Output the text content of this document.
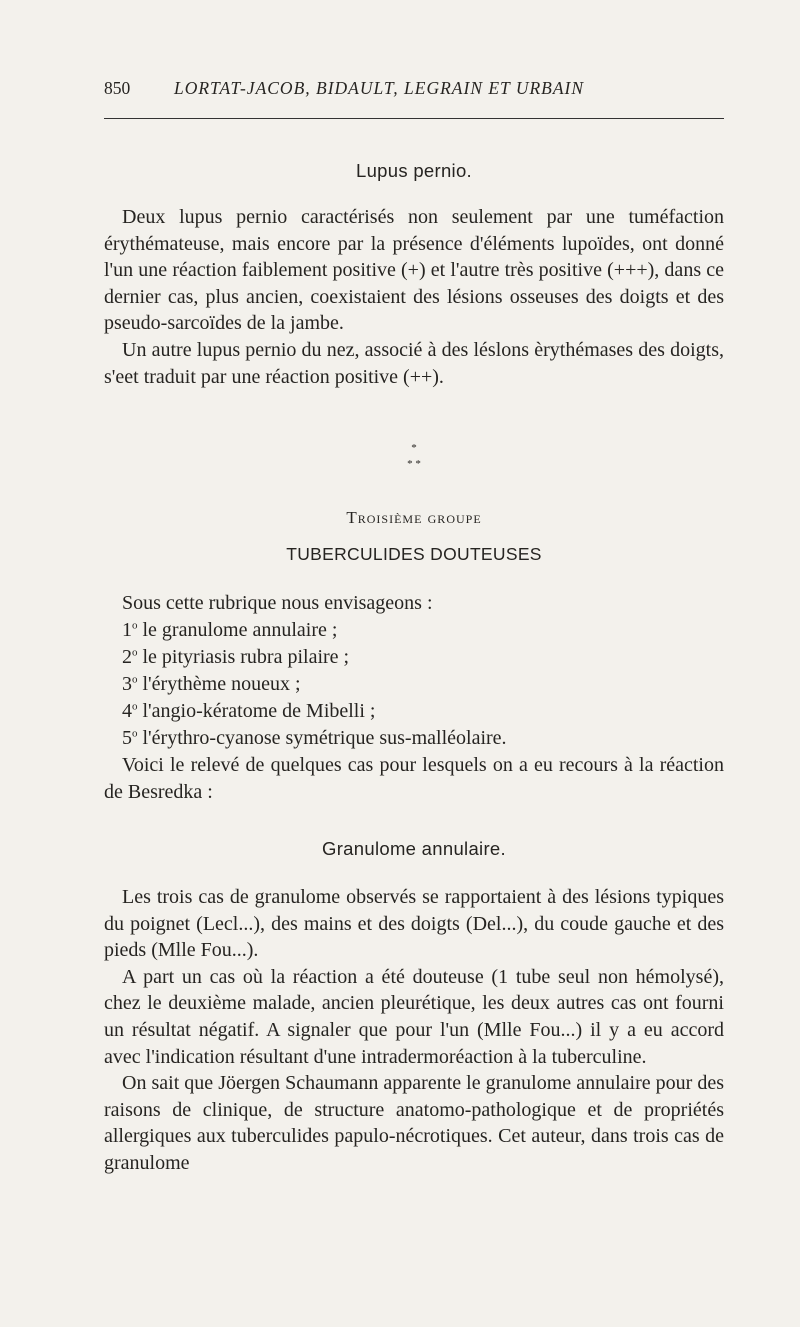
850	LORTAT-JACOB, BIDAULT, LEGRAIN ET URBAIN
Lupus pernio.

Deux lupus pernio caractérisés non seulement par une tuméfaction érythémateuse, mais encore par la présence d'éléments lupoïdes, ont donné l'un une réaction faiblement positive (+) et l'autre très positive (+++), dans ce dernier cas, plus ancien, coexistaient des lésions osseuses des doigts et des pseudo-sarcoïdes de la jambe.

Un autre lupus pernio du nez, associé à des léslons èrythémases des doigts, s'eet traduit par une réaction positive (++).

*
* *
Troisième groupe
TUBERCULIDES DOUTEUSES
Sous cette rubrique nous envisageons :
1$^o$ le granulome annulaire ;
2$^o$ le pityriasis rubra pilaire ;
3$^o$ l'érythème noueux ;
4$^o$ l'angio-kératome de Mibelli ;
5$^o$ l'érythro-cyanose symétrique sus-malléolaire.

Voici le relevé de quelques cas pour lesquels on a eu recours à la réaction de Besredka :

Granulome annulaire.

Les trois cas de granulome observés se rapportaient à des lésions typiques du poignet (Lecl...), des mains et des doigts (Del...), du coude gauche et des pieds (Mlle Fou...).

A part un cas où la réaction a été douteuse (1 tube seul non hémolysé), chez le deuxième malade, ancien pleurétique, les deux autres cas ont fourni un résultat négatif. A signaler que pour l'un (Mlle Fou...) il y a eu accord avec l'indication résultant d'une intradermoréaction à la tuberculine.

On sait que Jöergen Schaumann apparente le granulome annulaire pour des raisons de clinique, de structure anatomo-pathologique et de propriétés allergiques aux tuberculides papulo-nécrotiques. Cet auteur, dans trois cas de granulome
